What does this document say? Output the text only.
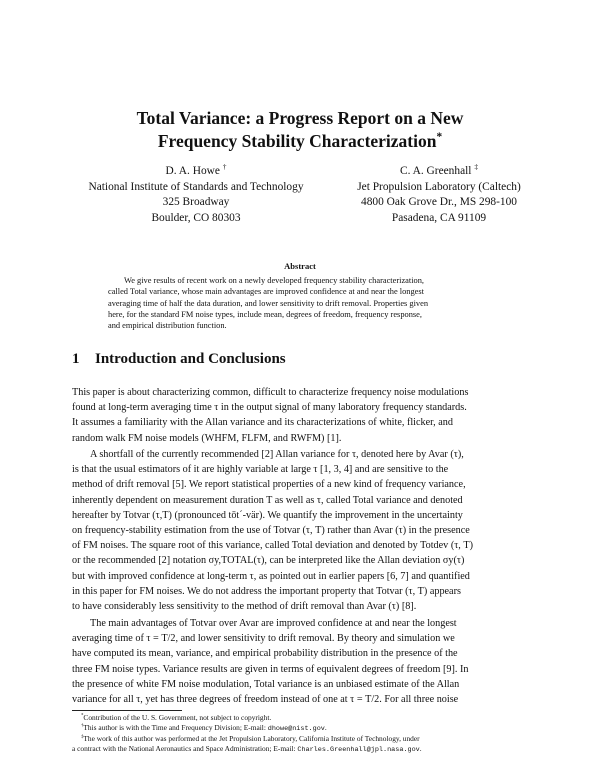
Total Variance: a Progress Report on a New
Frequency Stability Characterization*
D. A. Howe †
National Institute of Standards and Technology
325 Broadway
Boulder, CO 80303
C. A. Greenhall ‡
Jet Propulsion Laboratory (Caltech)
4800 Oak Grove Dr., MS 298-100
Pasadena, CA 91109
Abstract
We give results of recent work on a newly developed frequency stability characterization,
called Total variance, whose main advantages are improved confidence at and near the longest
averaging time of half the data duration, and lower sensitivity to drift removal. Properties given
here, for the standard FM noise types, include mean, degrees of freedom, frequency response,
and empirical distribution function.
1 Introduction and Conclusions
This paper is about characterizing common, difficult to characterize frequency noise modulations
found at long-term averaging time τ in the output signal of many laboratory frequency standards.
It assumes a familiarity with the Allan variance and its characterizations of white, flicker, and
random walk FM noise models (WHFM, FLFM, and RWFM) [1].
A shortfall of the currently recommended [2] Allan variance for τ, denoted here by Avar (τ),
is that the usual estimators of it are highly variable at large τ [1, 3, 4] and are sensitive to the
method of drift removal [5]. We report statistical properties of a new kind of frequency variance,
inherently dependent on measurement duration T as well as τ, called Total variance and denoted
hereafter by Totvar (τ,T) (pronounced tōt´-vär). We quantify the improvement in the uncertainty
on frequency-stability estimation from the use of Totvar (τ, T) rather than Avar (τ) in the presence
of FM noises. The square root of this variance, called Total deviation and denoted by Totdev (τ, T)
or the recommended [2] notation σy,TOTAL(τ), can be interpreted like the Allan deviation σy(τ)
but with improved confidence at long-term τ, as pointed out in earlier papers [6, 7] and quantified
in this paper for FM noises. We do not address the important property that Totvar (τ, T) appears
to have considerably less sensitivity to the method of drift removal than Avar (τ) [8].
The main advantages of Totvar over Avar are improved confidence at and near the longest
averaging time of τ = T/2, and lower sensitivity to drift removal. By theory and simulation we
have computed its mean, variance, and empirical probability distribution in the presence of the
three FM noise types. Variance results are given in terms of equivalent degrees of freedom [9]. In
the presence of white FM noise modulation, Total variance is an unbiased estimate of the Allan
variance for all τ, yet has three degrees of freedom instead of one at τ = T/2. For all three noise
*Contribution of the U. S. Government, not subject to copyright.
†This author is with the Time and Frequency Division; E-mail: dhowe@nist.gov.
‡The work of this author was performed at the Jet Propulsion Laboratory, California Institute of Technology, under
a contract with the National Aeronautics and Space Administration; E-mail: Charles.Greenhall@jpl.nasa.gov.
